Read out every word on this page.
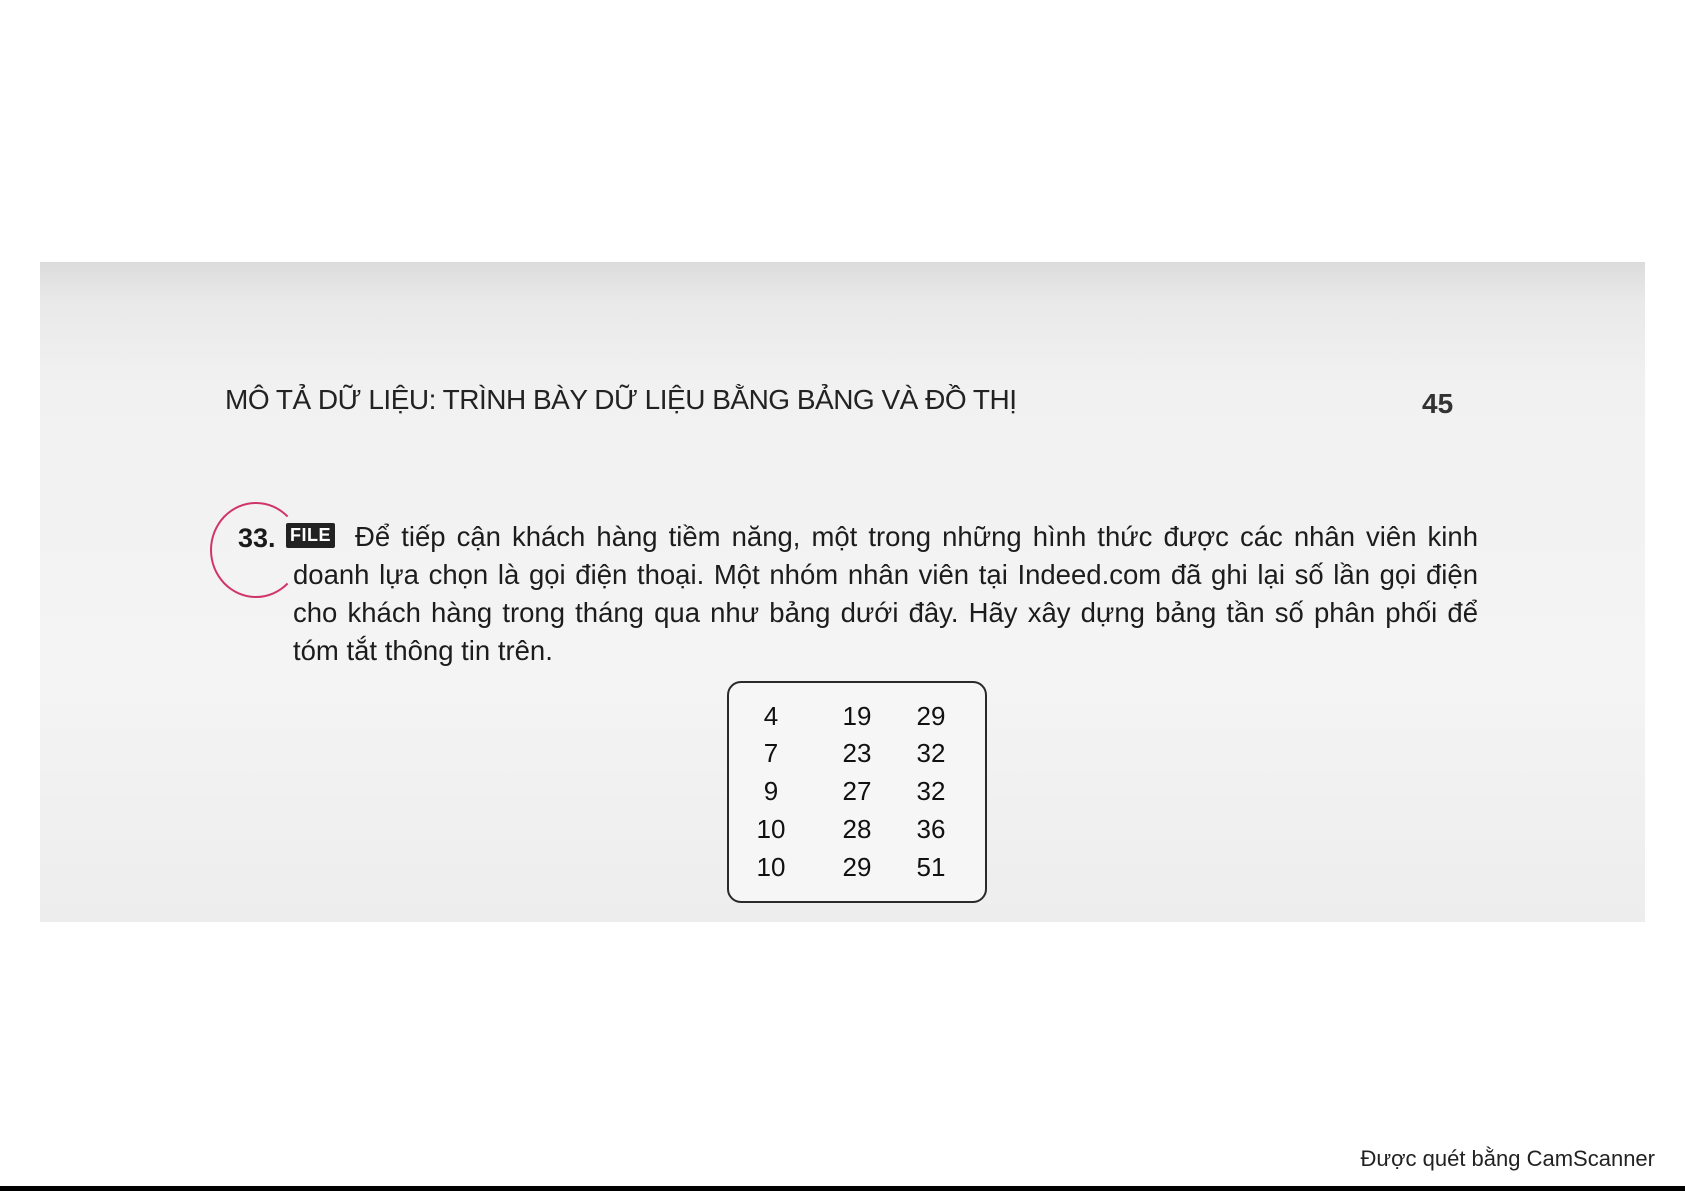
MÔ TẢ DỮ LIỆU: TRÌNH BÀY DỮ LIỆU BẰNG BẢNG VÀ ĐỒ THỊ	45
33. FILE Để tiếp cận khách hàng tiềm năng, một trong những hình thức được các nhân viên kinh doanh lựa chọn là gọi điện thoại. Một nhóm nhân viên tại Indeed.com đã ghi lại số lần gọi điện cho khách hàng trong tháng qua như bảng dưới đây. Hãy xây dựng bảng tần số phân phối để tóm tắt thông tin trên.
4	19	29
7	23	32
9	27	32
10	28	36
10	29	51
Được quét bằng CamScanner
